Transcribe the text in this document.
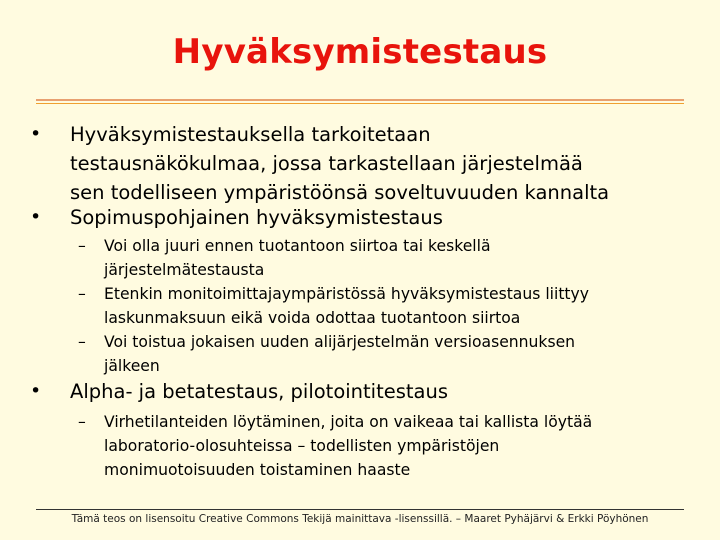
Hyväksymistestaus
• Hyväksymistestauksella tarkoitetaan
testausnäkökulmaa, jossa tarkastellaan järjestelmää
sen todelliseen ympäristöönsä soveltuvuuden kannalta
• Sopimuspohjainen hyväksymistestaus
– Voi olla juuri ennen tuotantoon siirtoa tai keskellä
järjestelmätestausta
– Etenkin monitoimittajaympäristössä hyväksymistestaus liittyy
laskunmaksuun eikä voida odottaa tuotantoon siirtoa
– Voi toistua jokaisen uuden alijärjestelmän versioasennuksen
jälkeen
• Alpha- ja betatestaus, pilotointitestaus
– Virhetilanteiden löytäminen, joita on vaikeaa tai kallista löytää
laboratorio-olosuhteissa – todellisten ympäristöjen
monimuotoisuuden toistaminen haaste
Tämä teos on lisensoitu Creative Commons Tekijä mainittava -lisenssillä. – Maaret Pyhäjärvi & Erkki Pöyhönen
